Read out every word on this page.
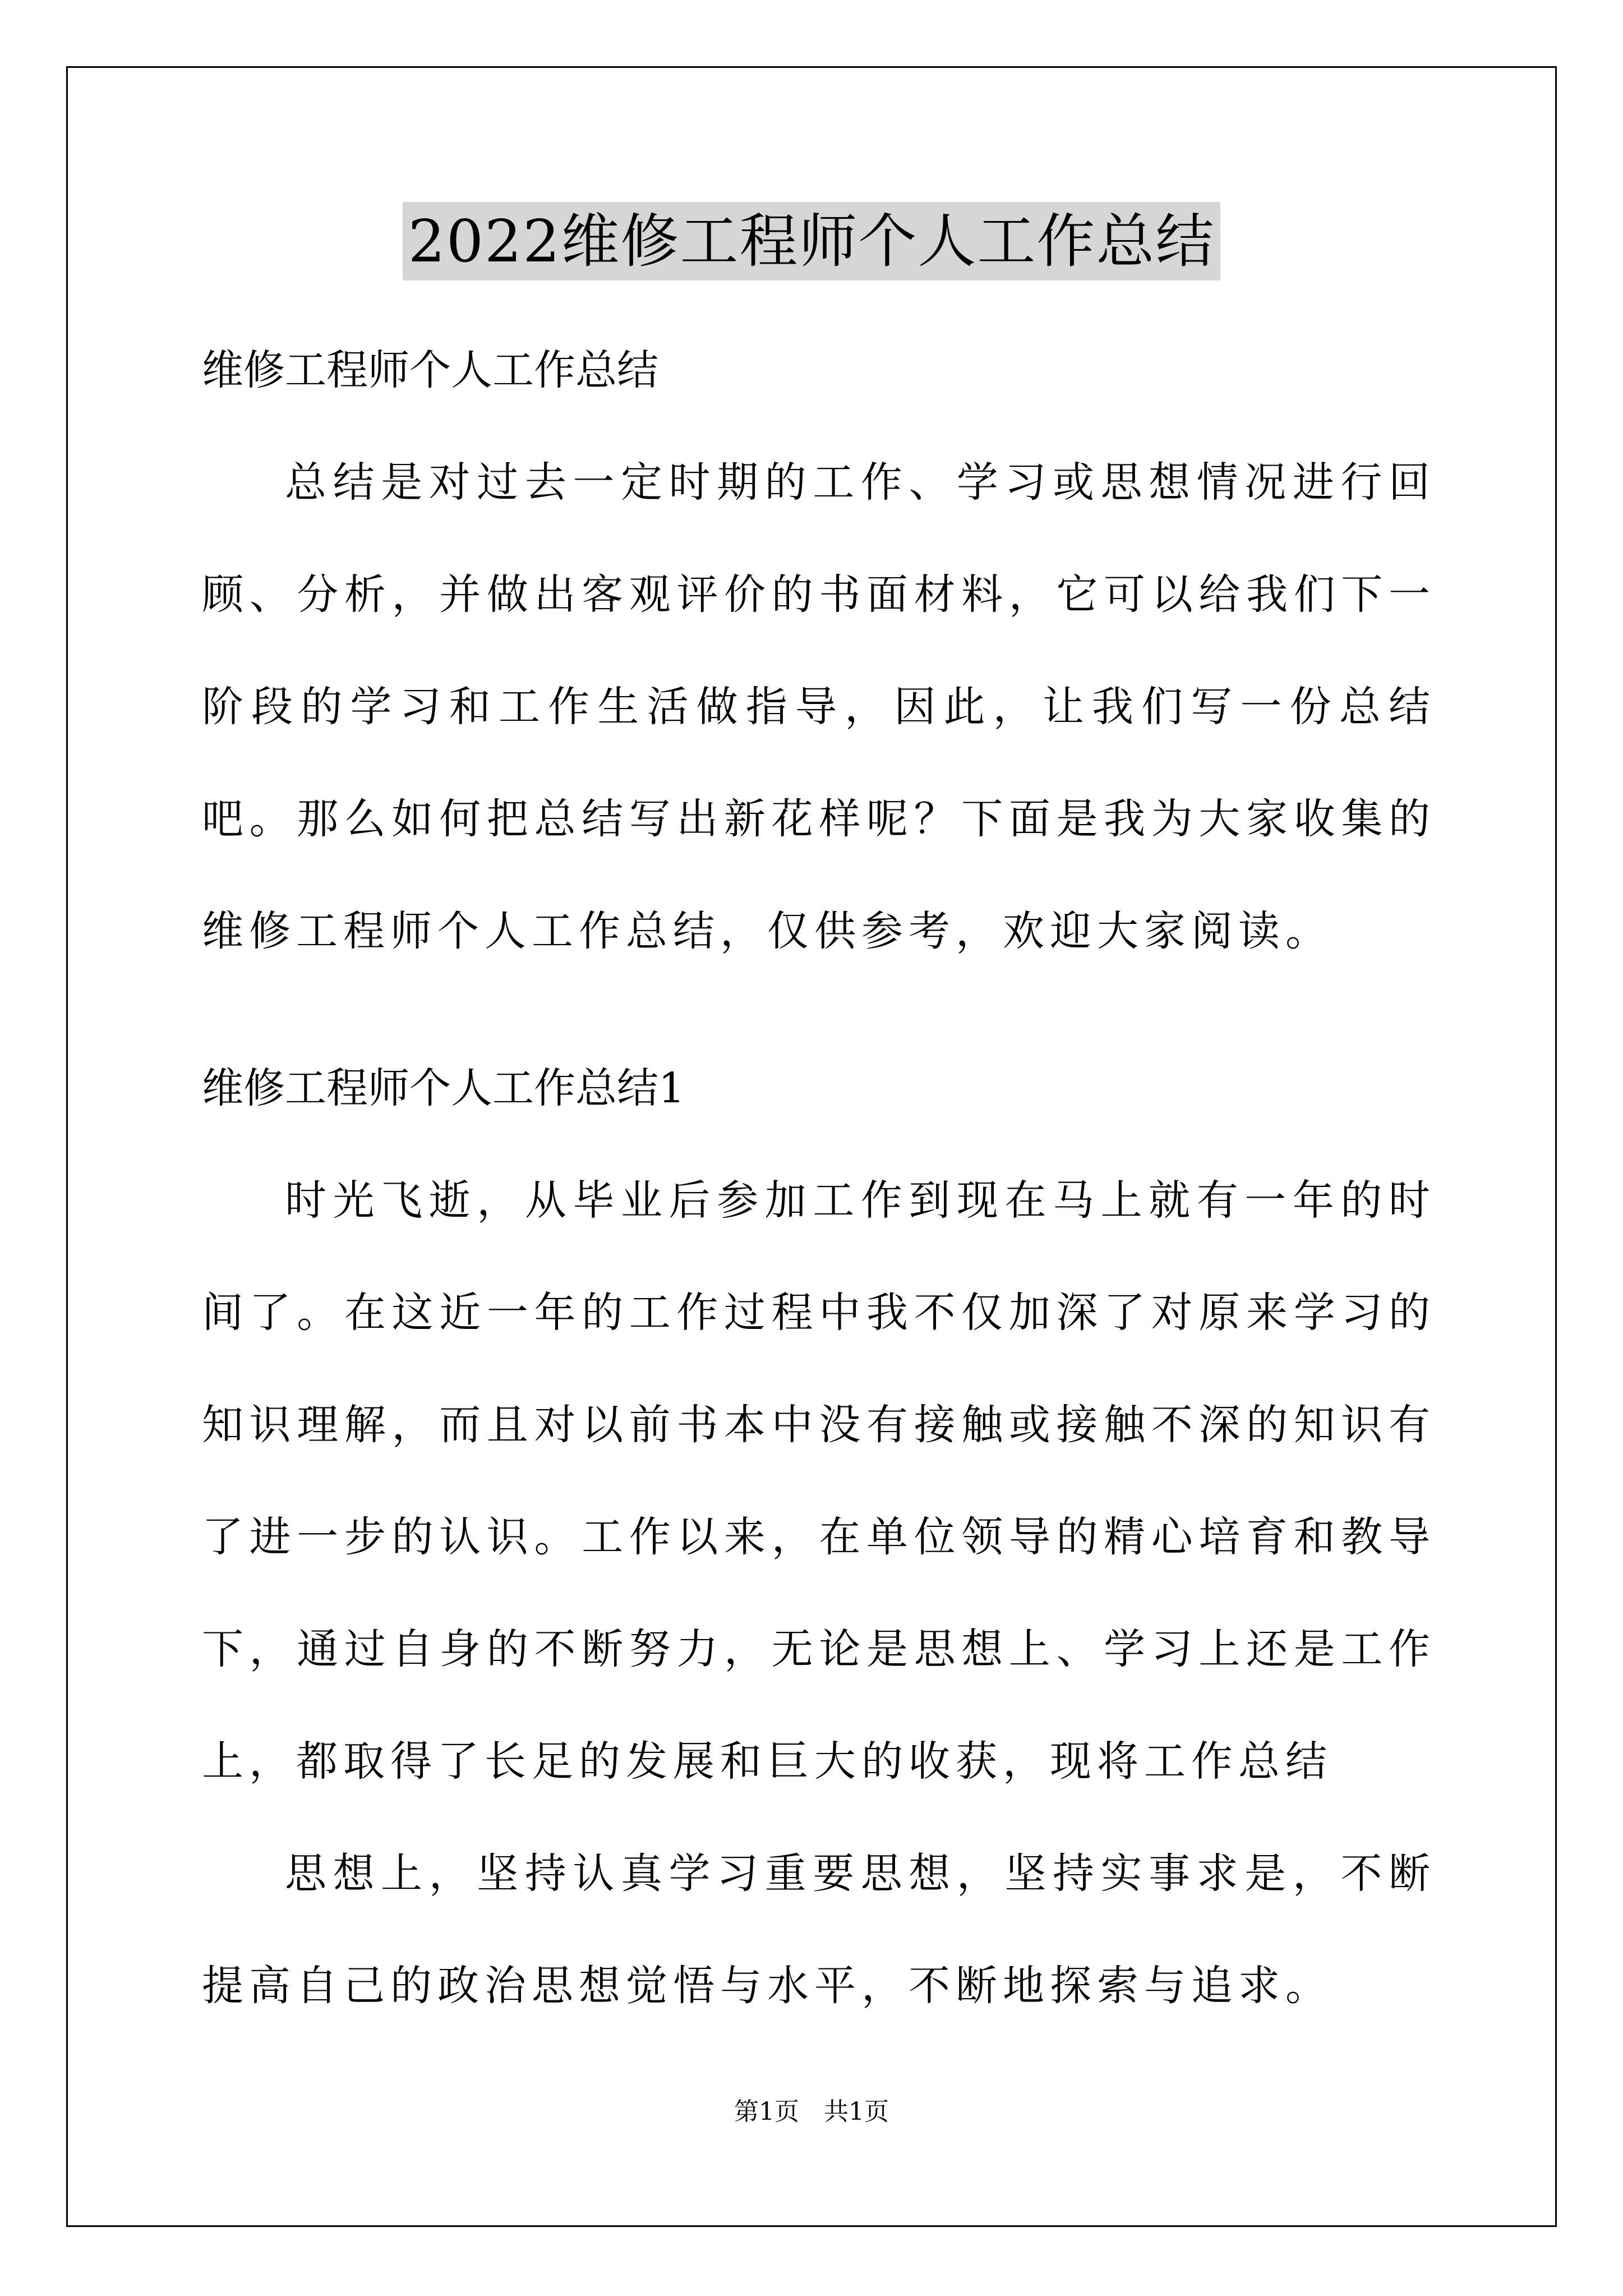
2022维修工程师个人工作总结

维修工程师个人工作总结

总结是对过去一定时期的工作、学习或思想情况进行回顾、分析，并做出客观评价的书面材料，它可以给我们下一阶段的学习和工作生活做指导，因此，让我们写一份总结吧。那么如何把总结写出新花样呢？下面是我为大家收集的维修工程师个人工作总结，仅供参考，欢迎大家阅读。

维修工程师个人工作总结1

时光飞逝，从毕业后参加工作到现在马上就有一年的时间了。在这近一年的工作过程中我不仅加深了对原来学习的知识理解，而且对以前书本中没有接触或接触不深的知识有了进一步的认识。工作以来，在单位领导的精心培育和教导下，通过自身的不断努力，无论是思想上、学习上还是工作上，都取得了长足的发展和巨大的收获，现将工作总结

思想上，坚持认真学习重要思想，坚持实事求是，不断提高自己的政治思想觉悟与水平，不断地探索与追求。

第1页 共1页
